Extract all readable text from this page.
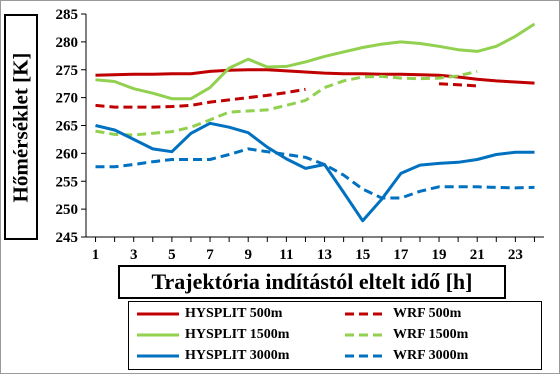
245
250
255
260
265
270
275
280
285
1 3 5 7 9 11 13 15 17 19 21 23
Hőmérséklet [K]
Trajektória indítástól eltelt idő [h]
HYSPLIT 500m	WRF 500m
HYSPLIT 1500m	WRF 1500m
HYSPLIT 3000m	WRF 3000m
